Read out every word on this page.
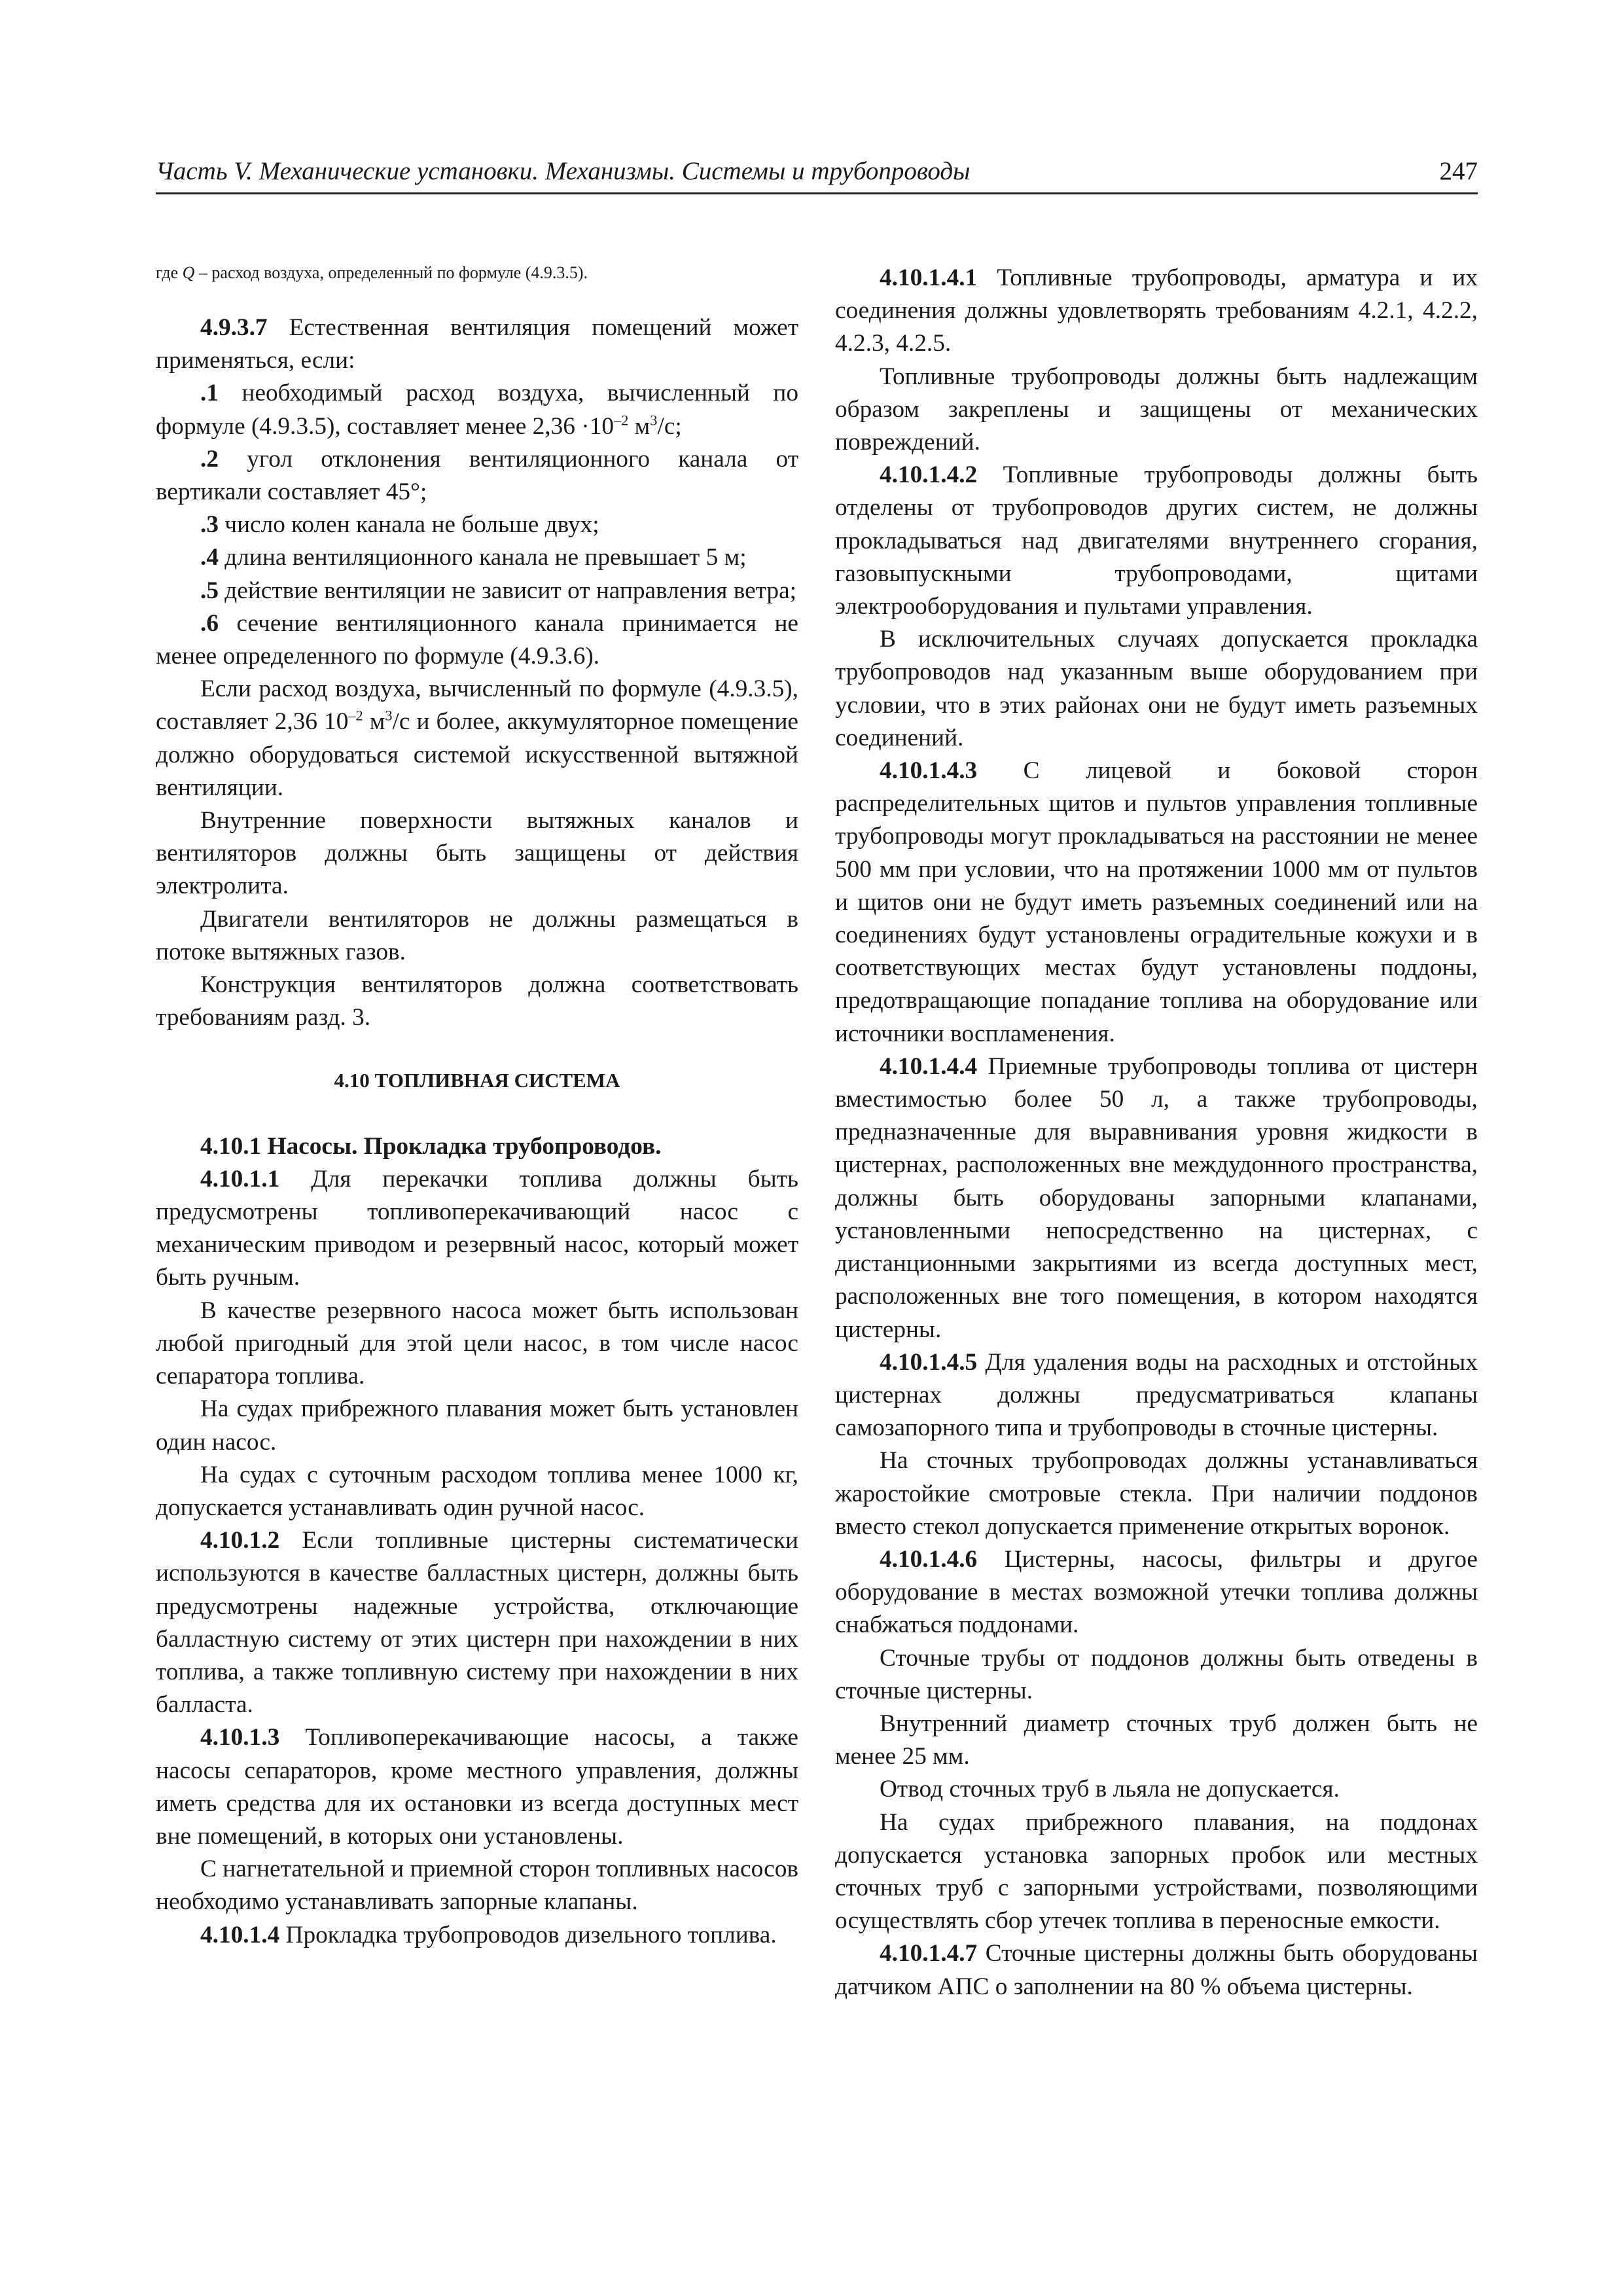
Часть V. Механические установки. Механизмы. Системы и трубопроводы	247

где Q – расход воздуха, определенный по формуле (4.9.3.5).

4.9.3.7 Естественная вентиляция помещений может применяться, если:

.1 необходимый расход воздуха, вычисленный по формуле (4.9.3.5), составляет менее $2,36 \cdot 10^{-2}$ $м^3/с$;

.2 угол отклонения вентиляционного канала от вертикали составляет 45°;

.3 число колен канала не больше двух;

.4 длина вентиляционного канала не превышает 5 м;

.5 действие вентиляции не зависит от направления ветра;

.6 сечение вентиляционного канала принимается не менее определенного по формуле (4.9.3.6).

Если расход воздуха, вычисленный по формуле (4.9.3.5), составляет 2,36 $10^{-2}$ $м^3/с$ и более, аккумуляторное помещение должно оборудоваться системой искусственной вытяжной вентиляции.

Внутренние поверхности вытяжных каналов и вентиляторов должны быть защищены от действия электролита.

Двигатели вентиляторов не должны размещаться в потоке вытяжных газов.

Конструкция вентиляторов должна соответствовать требованиям разд. 3.

4.10 ТОПЛИВНАЯ СИСТЕМА

4.10.1 Насосы. Прокладка трубопроводов.

4.10.1.1 Для перекачки топлива должны быть предусмотрены топливоперекачивающий насос с механическим приводом и резервный насос, который может быть ручным.

В качестве резервного насоса может быть использован любой пригодный для этой цели насос, в том числе насос сепаратора топлива.

На судах прибрежного плавания может быть установлен один насос.

На судах с суточным расходом топлива менее 1000 кг, допускается устанавливать один ручной насос.

4.10.1.2 Если топливные цистерны систематически используются в качестве балластных цистерн, должны быть предусмотрены надежные устройства, отключающие балластную систему от этих цистерн при нахождении в них топлива, а также топливную систему при нахождении в них балласта.

4.10.1.3 Топливоперекачивающие насосы, а также насосы сепараторов, кроме местного управления, должны иметь средства для их остановки из всегда доступных мест вне помещений, в которых они установлены.

С нагнетательной и приемной сторон топливных насосов необходимо устанавливать запорные клапаны.

4.10.1.4 Прокладка трубопроводов дизельного топлива.

4.10.1.4.1 Топливные трубопроводы, арматура и их соединения должны удовлетворять требованиям 4.2.1, 4.2.2, 4.2.3, 4.2.5.

Топливные трубопроводы должны быть надлежащим образом закреплены и защищены от механических повреждений.

4.10.1.4.2 Топливные трубопроводы должны быть отделены от трубопроводов других систем, не должны прокладываться над двигателями внутреннего сгорания, газовыпускными трубопроводами, щитами электрооборудования и пультами управления.

В исключительных случаях допускается прокладка трубопроводов над указанным выше оборудованием при условии, что в этих районах они не будут иметь разъемных соединений.

4.10.1.4.3 С лицевой и боковой сторон распределительных щитов и пультов управления топливные трубопроводы могут прокладываться на расстоянии не менее 500 мм при условии, что на протяжении 1000 мм от пультов и щитов они не будут иметь разъемных соединений или на соединениях будут установлены оградительные кожухи и в соответствующих местах будут установлены поддоны, предотвращающие попадание топлива на оборудование или источники воспламенения.

4.10.1.4.4 Приемные трубопроводы топлива от цистерн вместимостью более 50 л, а также трубопроводы, предназначенные для выравнивания уровня жидкости в цистернах, расположенных вне междудонного пространства, должны быть оборудованы запорными клапанами, установленными непосредственно на цистернах, с дистанционными закрытиями из всегда доступных мест, расположенных вне того помещения, в котором находятся цистерны.

4.10.1.4.5 Для удаления воды на расходных и отстойных цистернах должны предусматриваться клапаны самозапорного типа и трубопроводы в сточные цистерны.

На сточных трубопроводах должны устанавливаться жаростойкие смотровые стекла. При наличии поддонов вместо стекол допускается применение открытых воронок.

4.10.1.4.6 Цистерны, насосы, фильтры и другое оборудование в местах возможной утечки топлива должны снабжаться поддонами.

Сточные трубы от поддонов должны быть отведены в сточные цистерны.

Внутренний диаметр сточных труб должен быть не менее 25 мм.

Отвод сточных труб в льяла не допускается.

На судах прибрежного плавания, на поддонах допускается установка запорных пробок или местных сточных труб с запорными устройствами, позволяющими осуществлять сбор утечек топлива в переносные емкости.

4.10.1.4.7 Сточные цистерны должны быть оборудованы датчиком АПС о заполнении на 80 % объема цистерны.
